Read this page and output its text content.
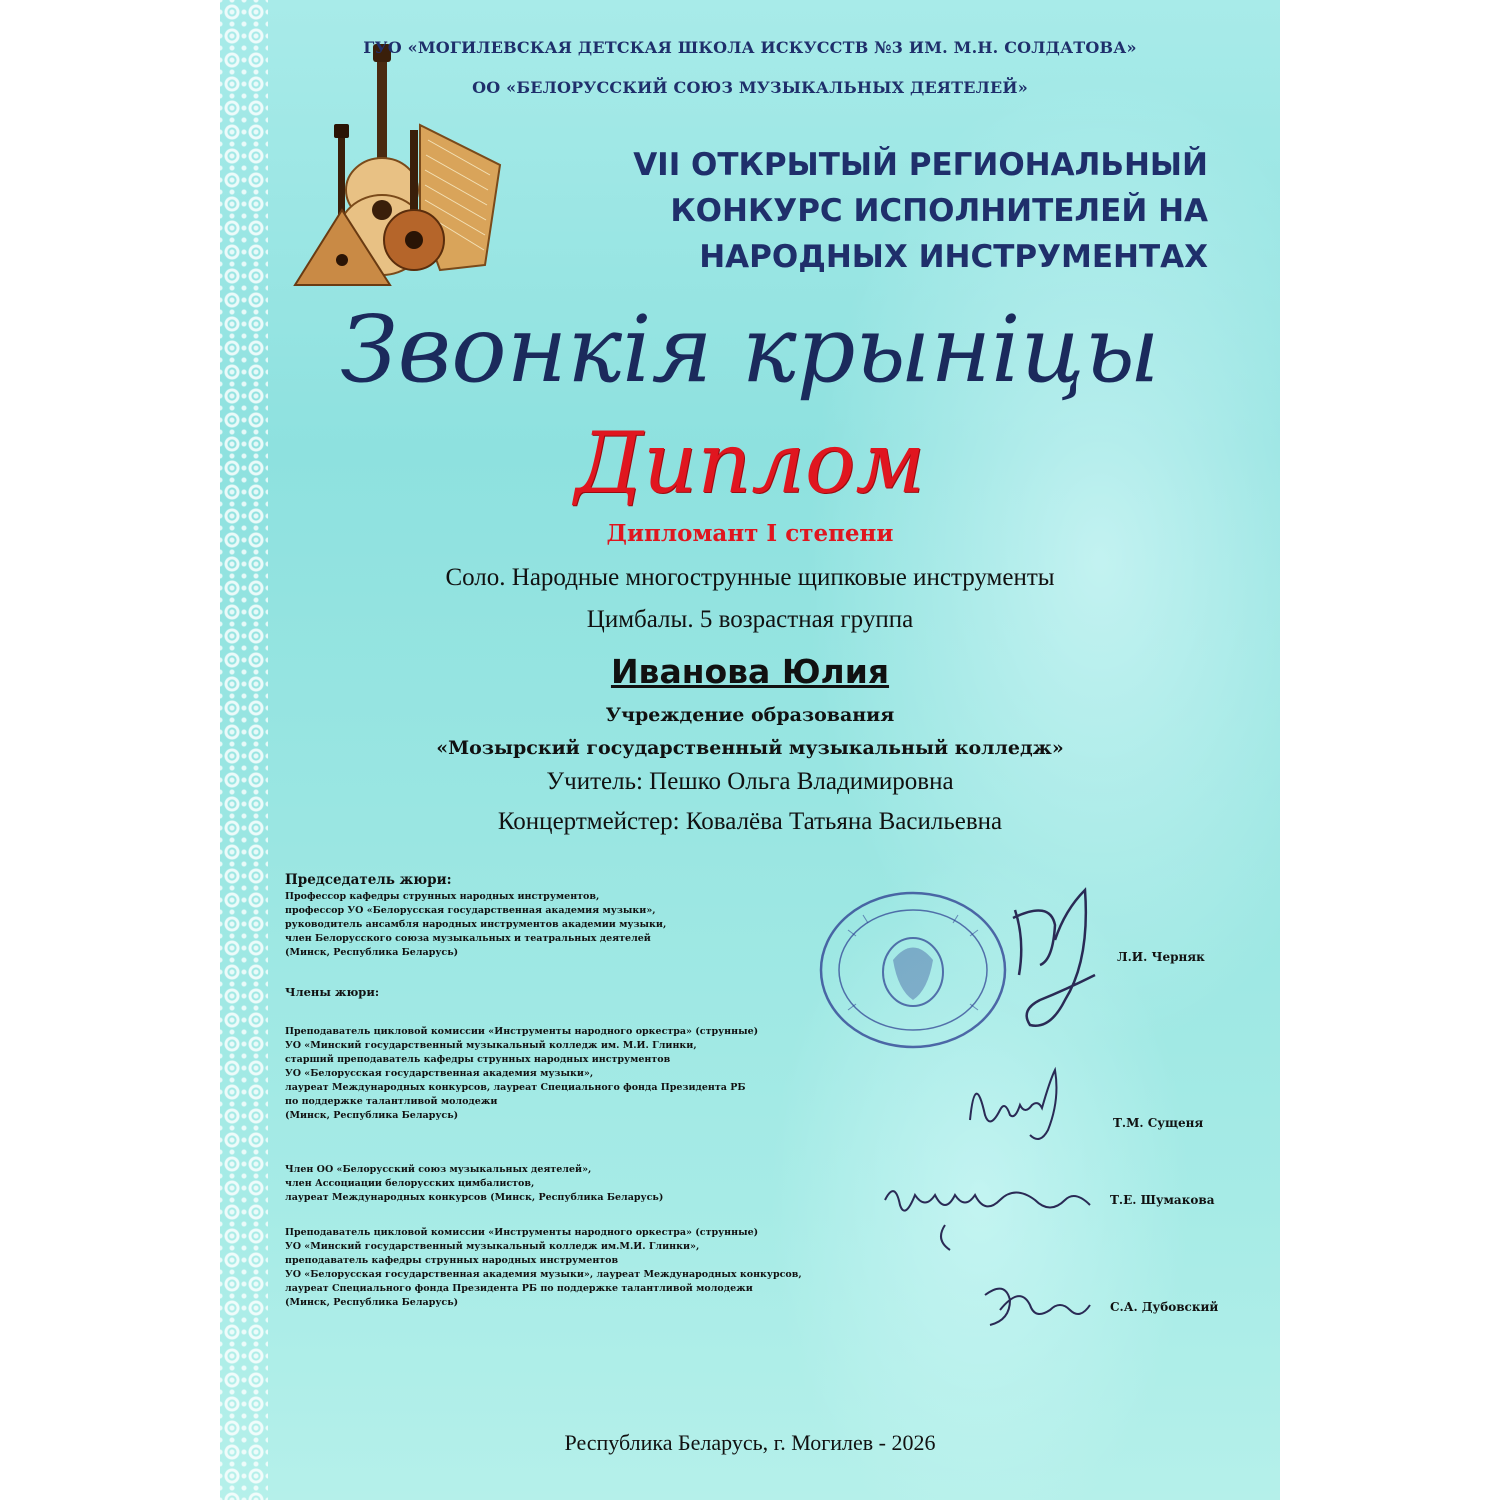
ГУО «МОГИЛЕВСКАЯ ДЕТСКАЯ ШКОЛА ИСКУССТВ №3 ИМ. М.Н. СОЛДАТОВА»
ОО «БЕЛОРУССКИЙ СОЮЗ МУЗЫКАЛЬНЫХ ДЕЯТЕЛЕЙ»
VII ОТКРЫТЫЙ РЕГИОНАЛЬНЫЙ
КОНКУРС ИСПОЛНИТЕЛЕЙ НА
НАРОДНЫХ ИНСТРУМЕНТАХ
Звонкія крыніцы
Диплом
Дипломант I степени
Соло. Народные многострунные щипковые инструменты
Цимбалы. 5 возрастная группа
Иванова Юлия
Учреждение образования
«Мозырский государственный музыкальный колледж»
Учитель: Пешко Ольга Владимировна
Концертмейстер: Ковалёва Татьяна Васильевна
Председатель жюри:
Профессор кафедры струнных народных инструментов,
профессор УО «Белорусская государственная академия музыки»,
руководитель ансамбля народных инструментов академии музыки,
член Белорусского союза музыкальных и театральных деятелей
(Минск, Республика Беларусь)	Л.И. Черняк
Члены жюри:
Преподаватель цикловой комиссии «Инструменты народного оркестра» (струнные)
УО «Минский государственный музыкальный колледж им. М.И. Глинки,
старший преподаватель кафедры струнных народных инструментов
УО «Белорусская государственная академия музыки»,
лауреат Международных конкурсов, лауреат Специального фонда Президента РБ
по поддержке талантливой молодежи
(Минск, Республика Беларусь)
Т.М. Сущеня
Член ОО «Белорусский союз музыкальных деятелей»,
член Ассоциации белорусских цимбалистов,
лауреат Международных конкурсов (Минск, Республика Беларусь)	Т.Е. Шумакова
Преподаватель цикловой комиссии «Инструменты народного оркестра» (струнные)
УО «Минский государственный музыкальный колледж им.М.И. Глинки»,
преподаватель кафедры струнных народных инструментов
УО «Белорусская государственная академия музыки», лауреат Международных конкурсов,
лауреат Специального фонда Президента РБ по поддержке талантливой молодежи
(Минск, Республика Беларусь)	С.А. Дубовский
Республика Беларусь, г. Могилев - 2026
